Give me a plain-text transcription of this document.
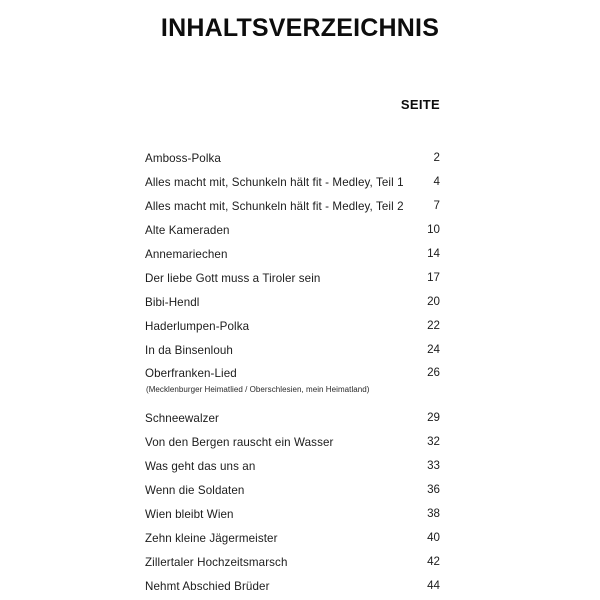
INHALTSVERZEICHNIS
SEITE
Amboss-Polka	2
Alles macht mit, Schunkeln hält fit - Medley, Teil 1	4
Alles macht mit, Schunkeln hält fit - Medley, Teil 2	7
Alte Kameraden	10
Annemariechen	14
Der liebe Gott muss a Tiroler sein	17
Bibi-Hendl	20
Haderlumpen-Polka	22
In da Binsenlouh	24
Oberfranken-Lied	26
(Mecklenburger Heimatlied / Oberschlesien, mein Heimatland)
Schneewalzer	29
Von den Bergen rauscht ein Wasser	32
Was geht das uns an	33
Wenn die Soldaten	36
Wien bleibt Wien	38
Zehn kleine Jägermeister	40
Zillertaler Hochzeitsmarsch	42
Nehmt Abschied Brüder	44
